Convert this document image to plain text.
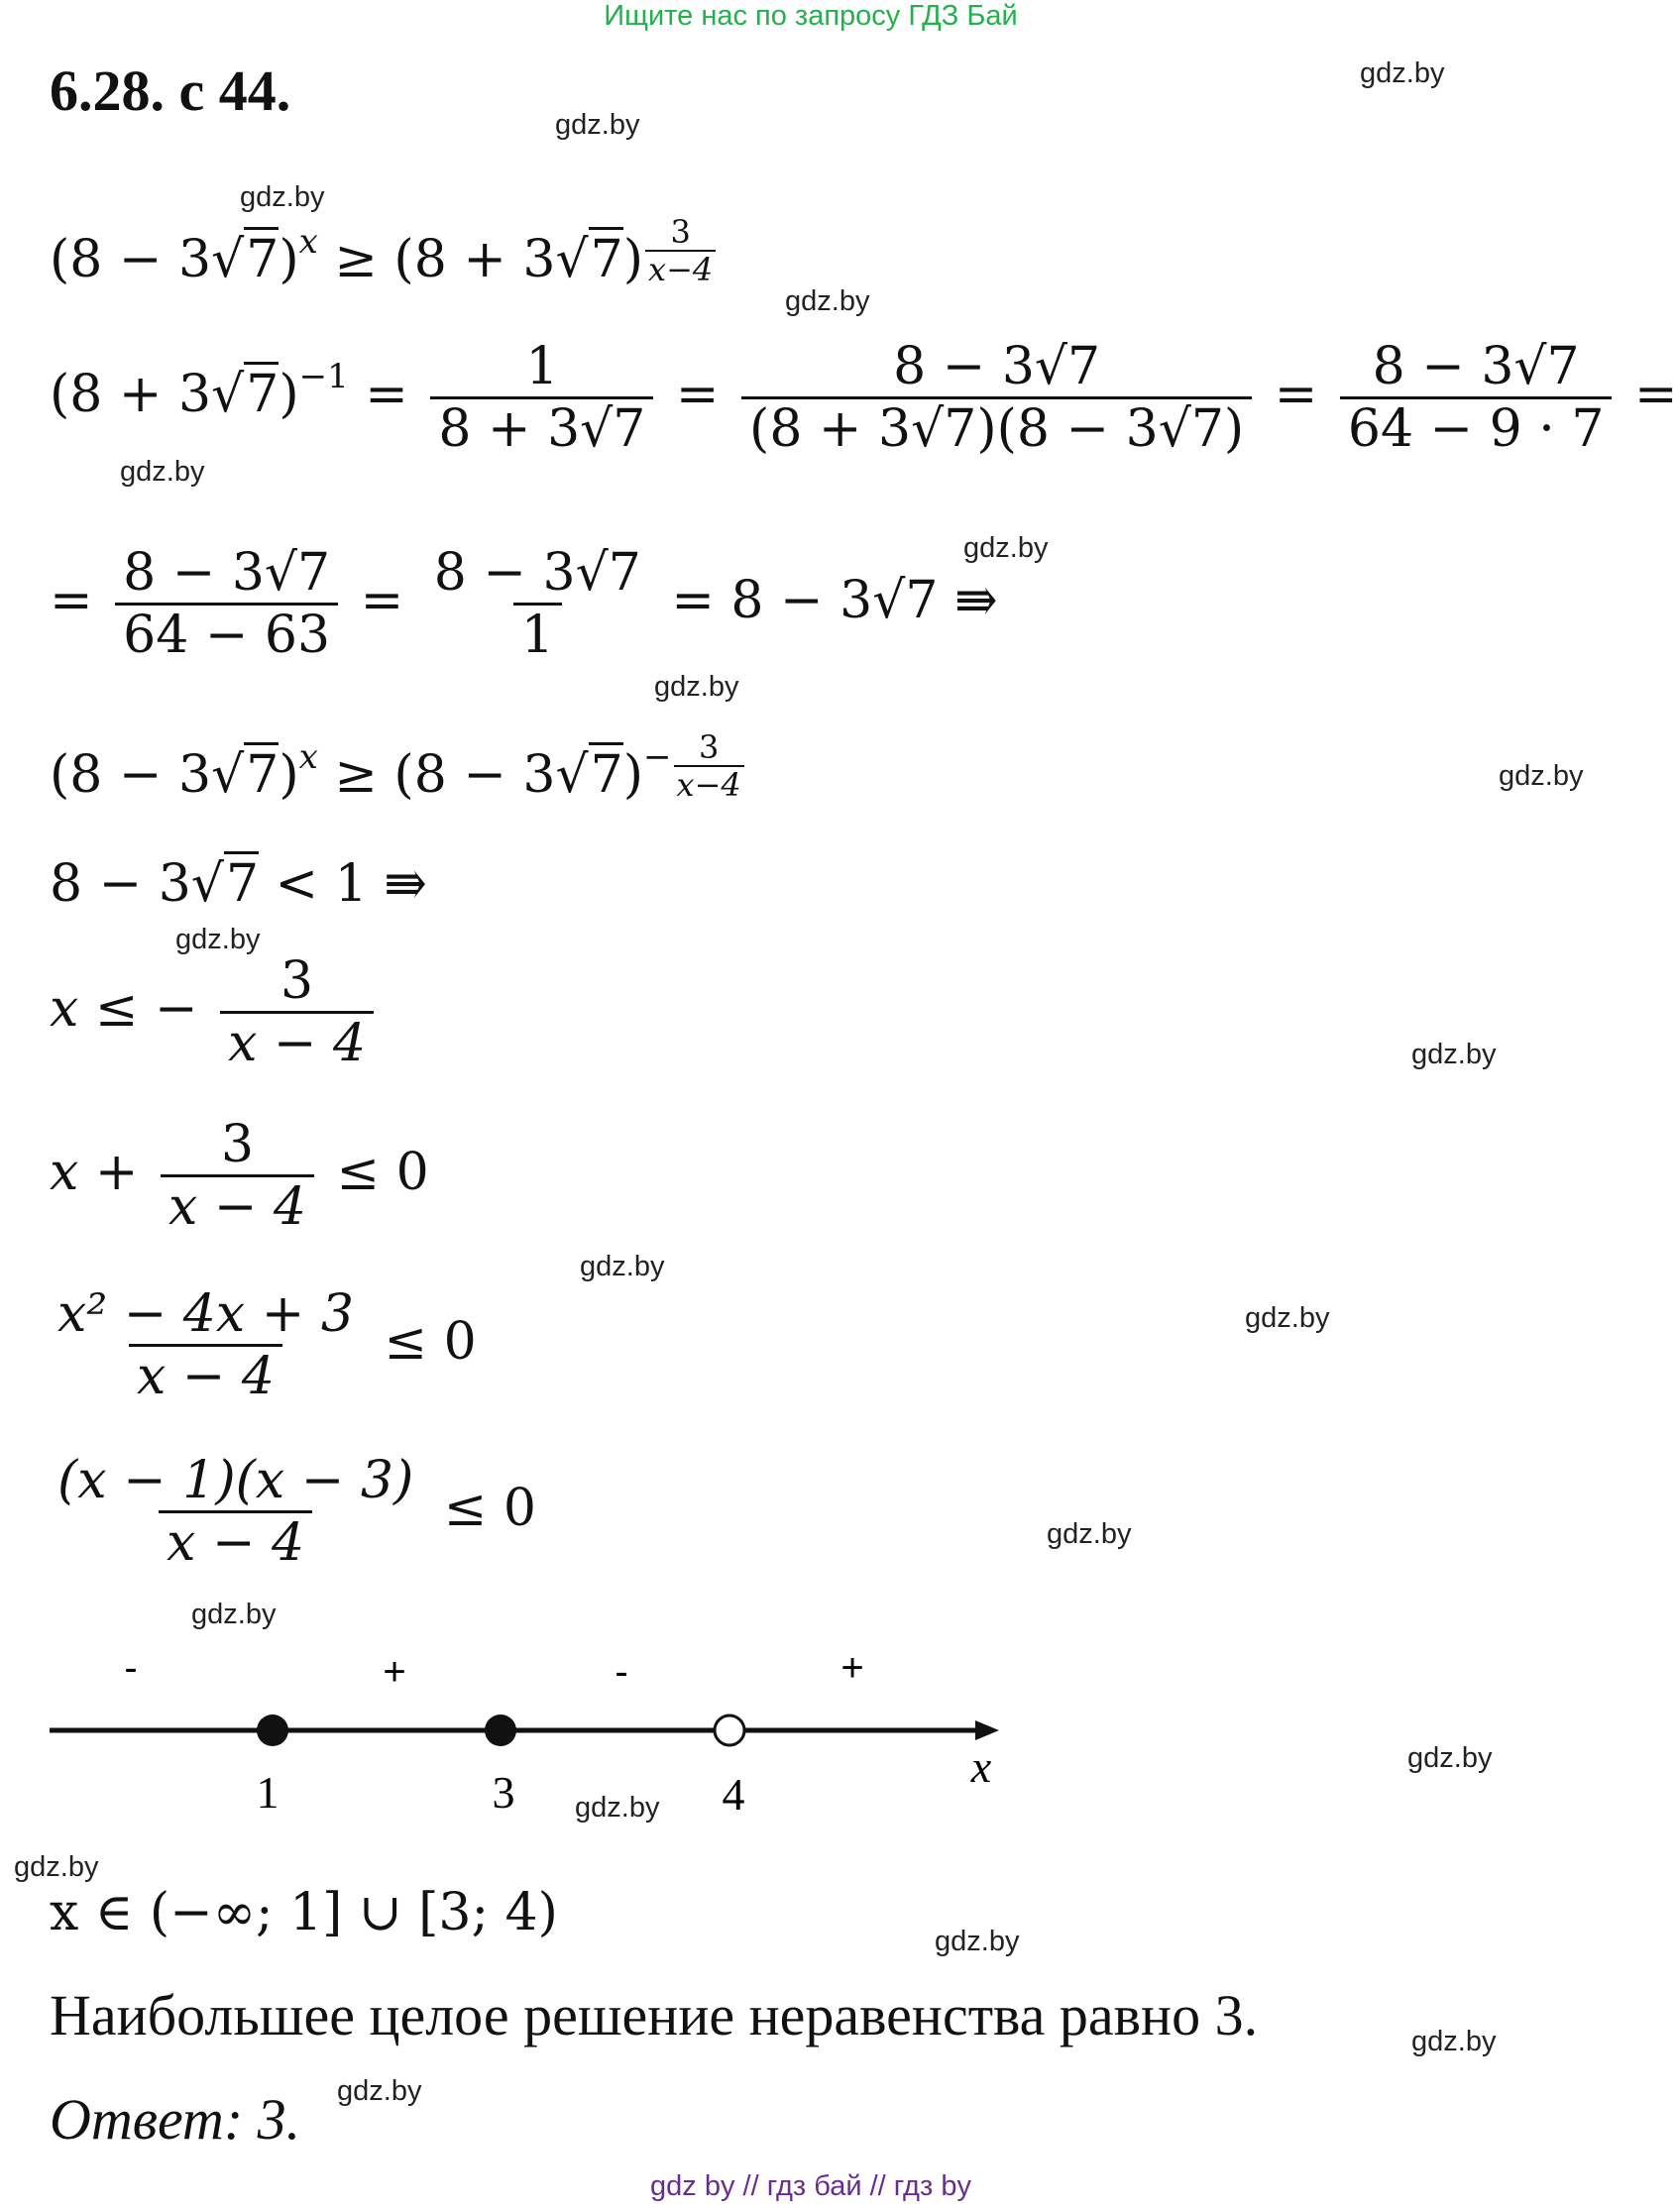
Ищите нас по запросу ГДЗ Бай
6.28. с 44.	gdz.by
gdz.by
gdz.by
gdz.by
gdz.by
gdz.by
gdz.by
gdz.by
gdz.by
gdz.by
gdz.by
gdz.by
gdz.by
gdz.by
gdz.by
gdz.by
gdz.by
gdz.by
gdz.by
gdz.by
$(8 - 3√7)^x \ge (8 + 3√7) \frac{3}{x-4}$
$(8 + 3√7)^{-1} = \frac{1}{8 + 3√7} = \frac{8 - 3√7}{(8 + 3√7)(8 - 3√7)} = \frac{8 - 3√7}{64 - 9 \cdot 7}$ =
= $\frac{8 - 3√7}{64 - 63} = \frac{8 - 3√7}{1} = 8 - 3√7$ ⇛
$(8 - 3√7)^x \ge (8 - 3√7)^- \frac{3}{x-4}$
8 − 3√7 < 1 ⇛
x ≤ − $\frac{3}{x - 4}$
$x + \frac{3}{x - 4} \le 0$
$\frac{\text{x² − 4x + 3}}{x - 4} \le 0$
$\frac{(x - 1)(x - 3)}{x - 4} \le 0$
-	+	-	+
1	3	4
x
x ∈ (−∞; 1] ∪ [3; 4)
Наибольшее целое решение неравенства равно 3.
Ответ: 3.
gdz by // гдз бай // гдз by
